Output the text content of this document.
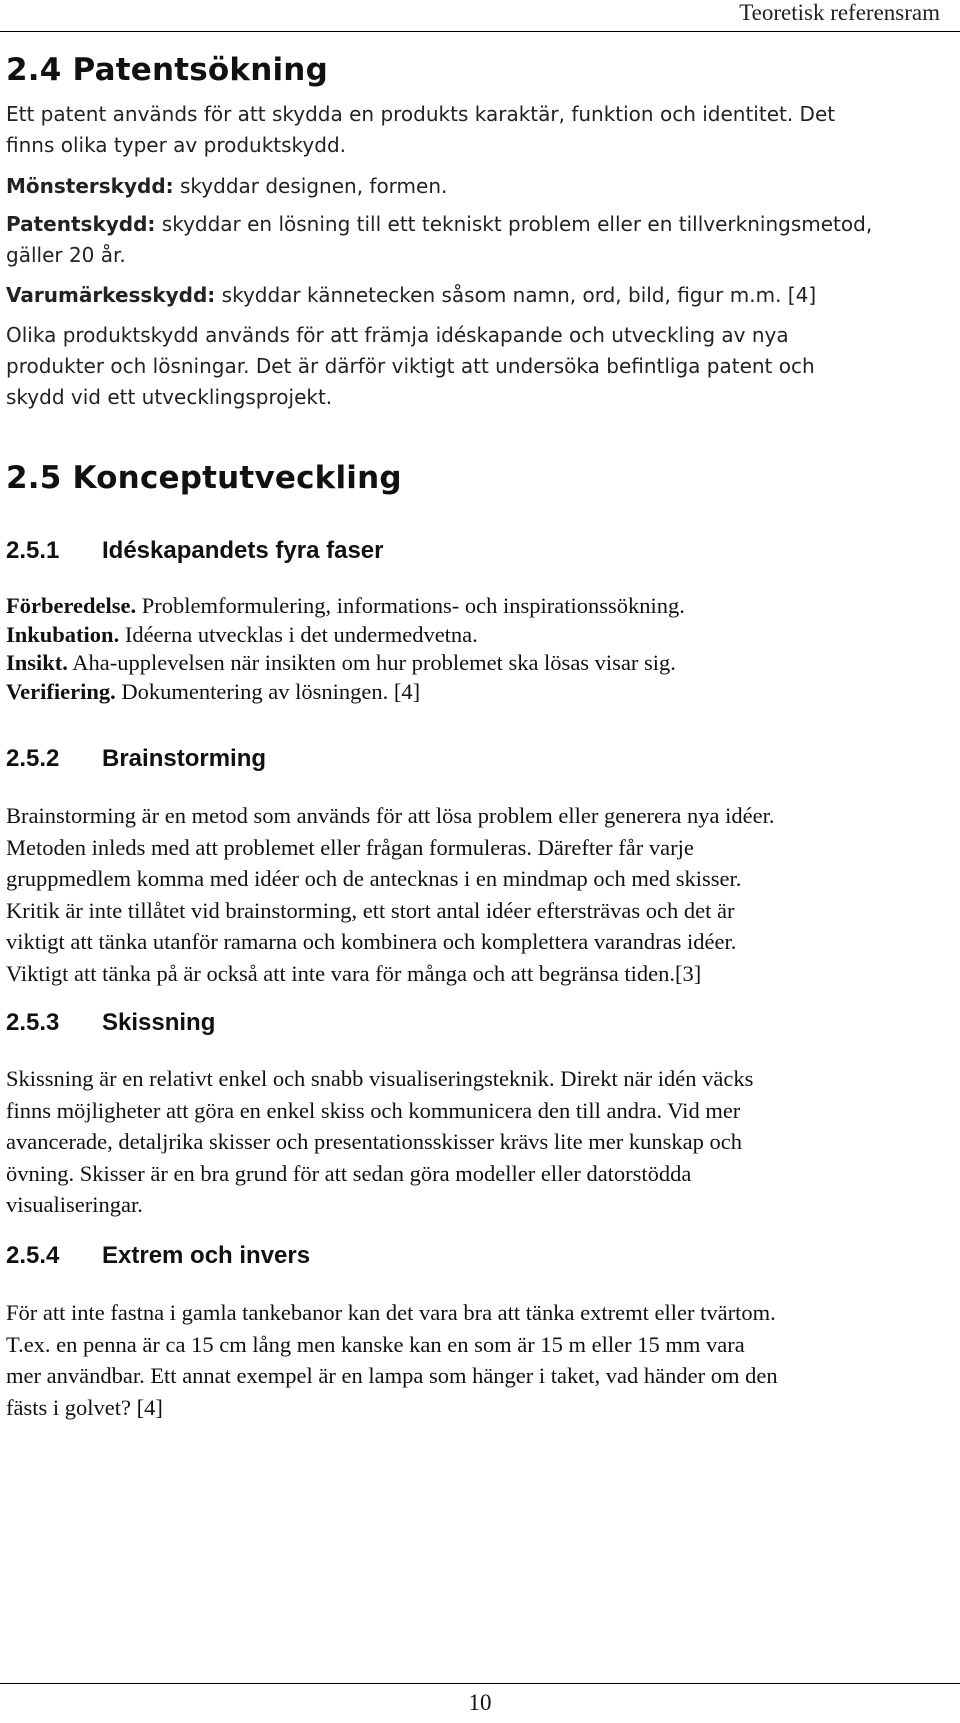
Teoretisk referensram
2.4 Patentsökning
Ett patent används för att skydda en produkts karaktär, funktion och identitet. Det
finns olika typer av produktskydd.
Mönsterskydd: skyddar designen, formen.
Patentskydd: skyddar en lösning till ett tekniskt problem eller en tillverkningsmetod,
gäller 20 år.
Varumärkesskydd: skyddar kännetecken såsom namn, ord, bild, figur m.m. [4]
Olika produktskydd används för att främja idéskapande och utveckling av nya
produkter och lösningar. Det är därför viktigt att undersöka befintliga patent och
skydd vid ett utvecklingsprojekt.
2.5 Konceptutveckling
2.5.1 Idéskapandets fyra faser
Förberedelse. Problemformulering, informations- och inspirationssökning.
Inkubation. Idéerna utvecklas i det undermedvetna.
Insikt. Aha-upplevelsen när insikten om hur problemet ska lösas visar sig.
Verifiering. Dokumentering av lösningen. [4]
2.5.2 Brainstorming
Brainstorming är en metod som används för att lösa problem eller generera nya idéer.
Metoden inleds med att problemet eller frågan formuleras. Därefter får varje
gruppmedlem komma med idéer och de antecknas i en mindmap och med skisser.
Kritik är inte tillåtet vid brainstorming, ett stort antal idéer eftersträvas och det är
viktigt att tänka utanför ramarna och kombinera och komplettera varandras idéer.
Viktigt att tänka på är också att inte vara för många och att begränsa tiden.[3]
2.5.3 Skissning
Skissning är en relativt enkel och snabb visualiseringsteknik. Direkt när idén väcks
finns möjligheter att göra en enkel skiss och kommunicera den till andra. Vid mer
avancerade, detaljrika skisser och presentationsskisser krävs lite mer kunskap och
övning. Skisser är en bra grund för att sedan göra modeller eller datorstödda
visualiseringar.
2.5.4 Extrem och invers
För att inte fastna i gamla tankebanor kan det vara bra att tänka extremt eller tvärtom.
T.ex. en penna är ca 15 cm lång men kanske kan en som är 15 m eller 15 mm vara
mer användbar. Ett annat exempel är en lampa som hänger i taket, vad händer om den
fästs i golvet? [4]
10
